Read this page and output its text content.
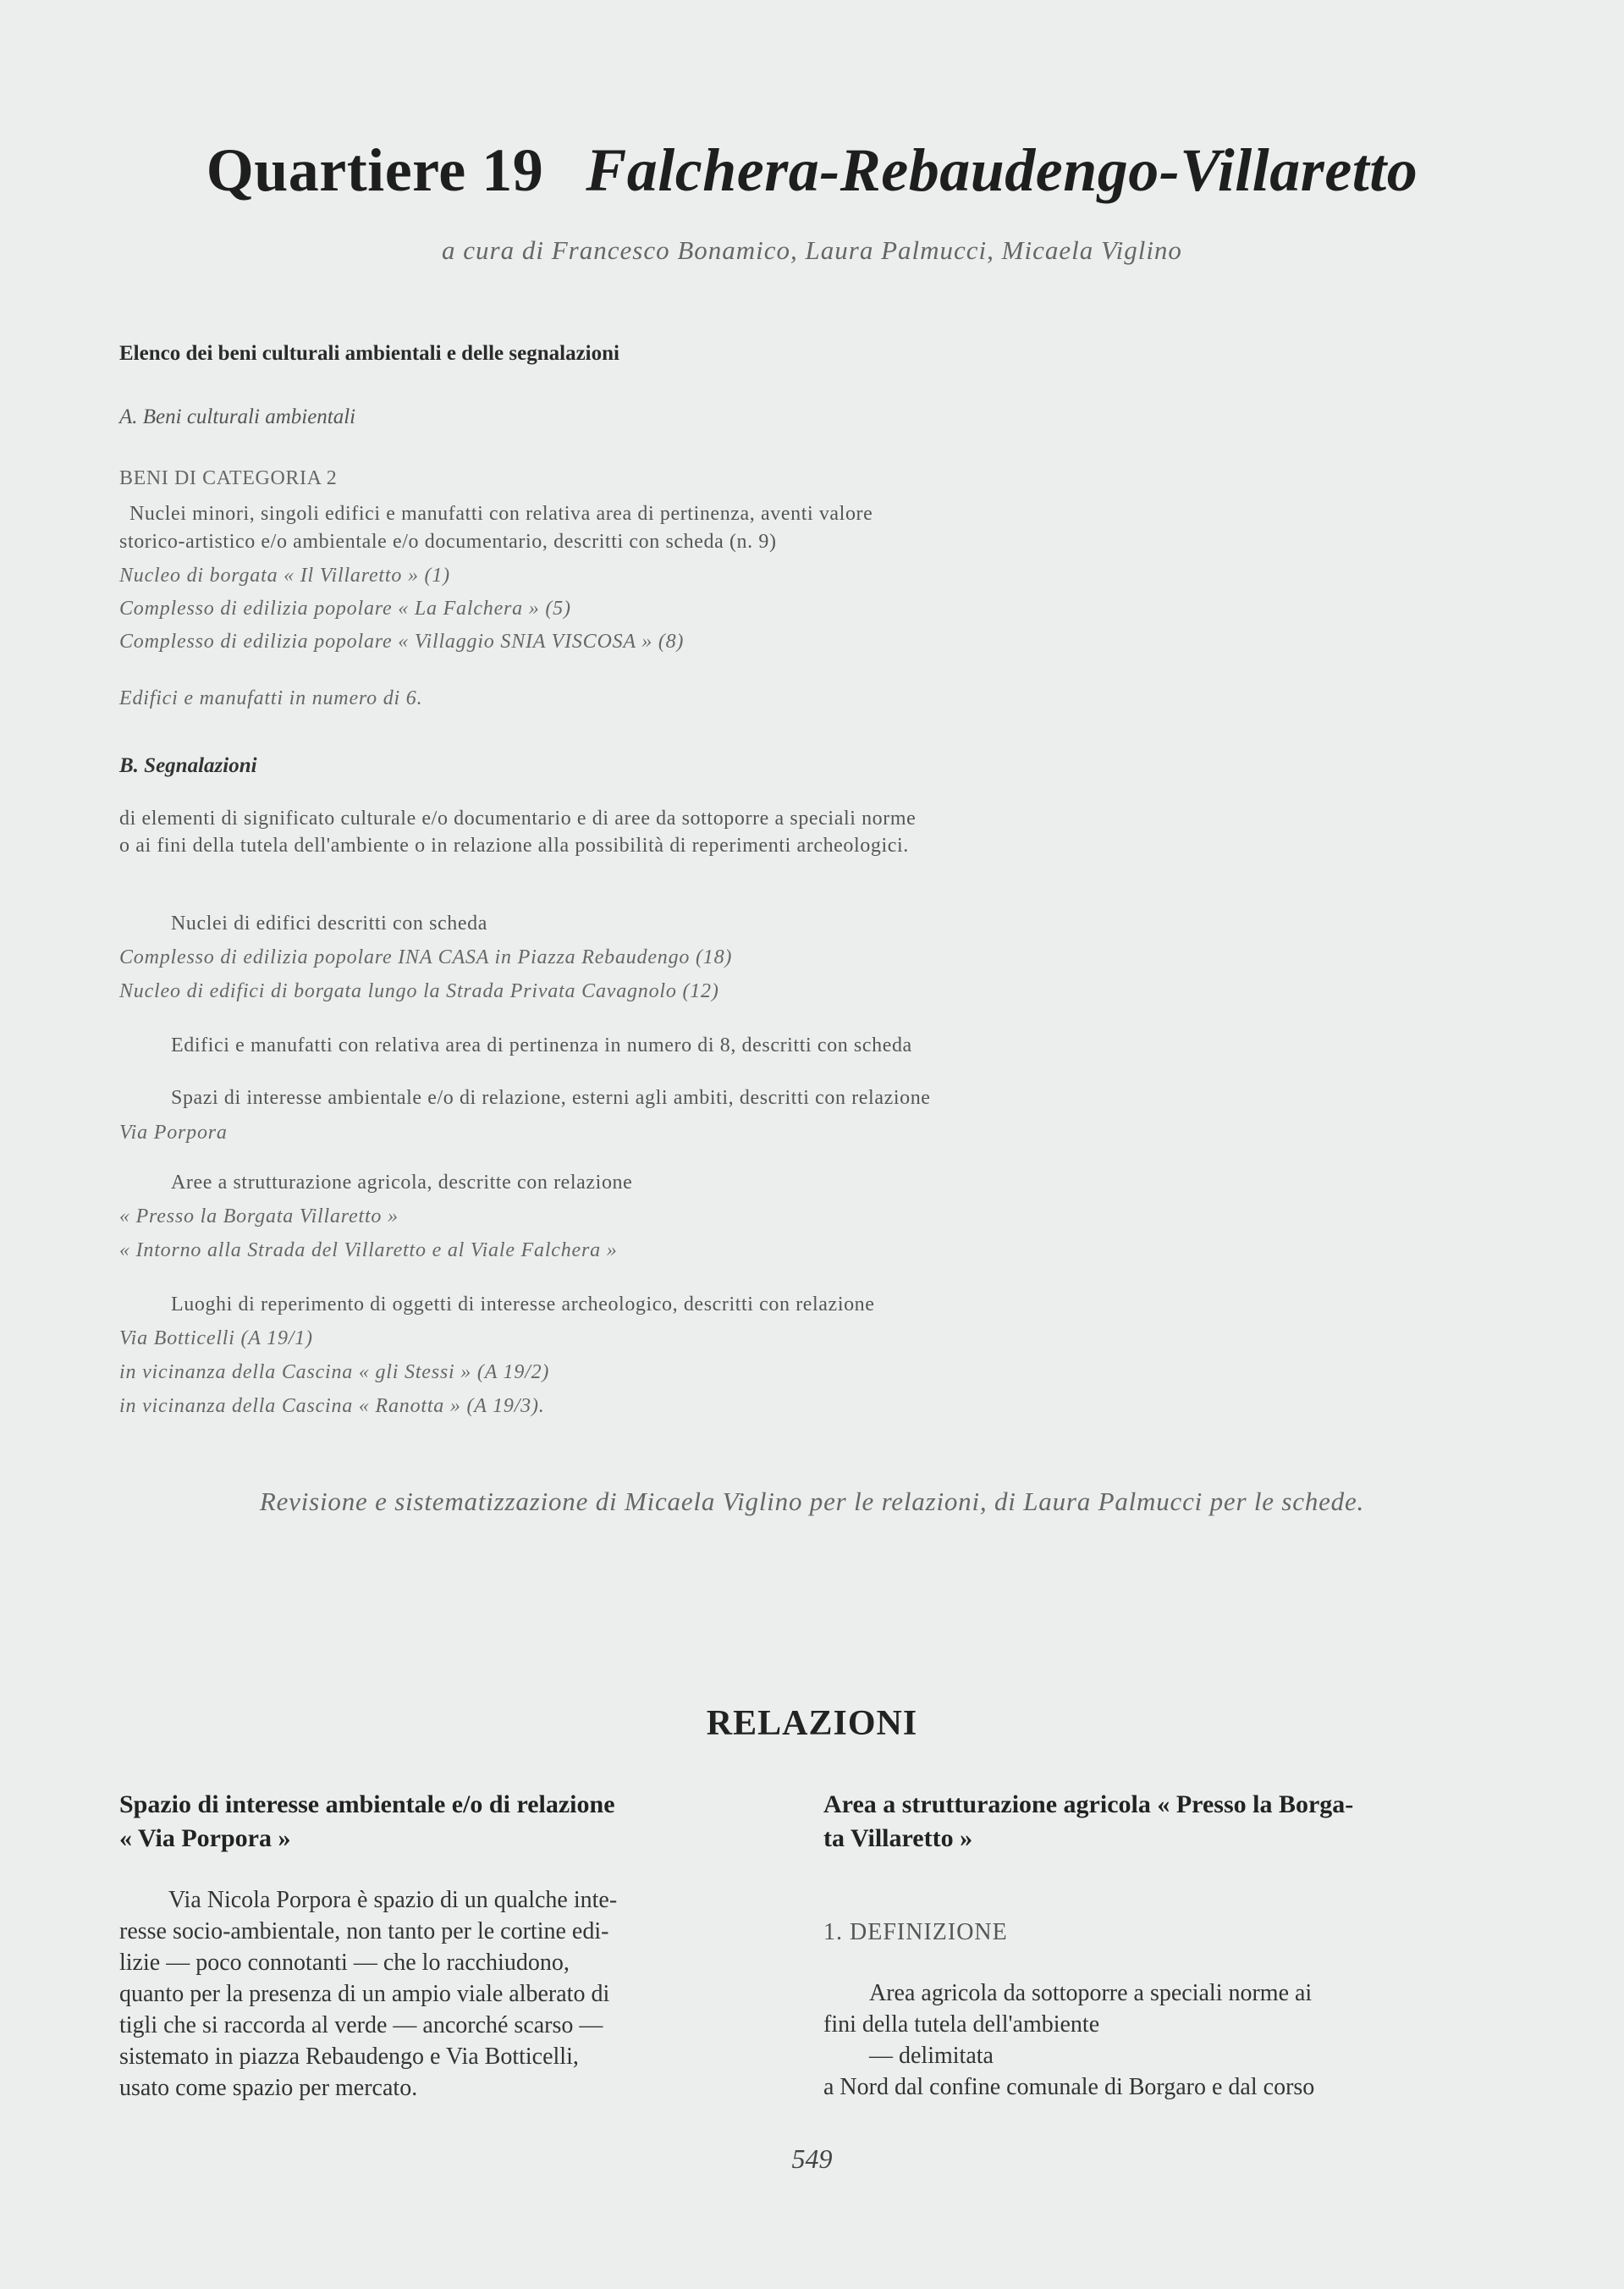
Quartiere 19 Falchera-Rebaudengo-Villaretto
a cura di Francesco Bonamico, Laura Palmucci, Micaela Viglino
Elenco dei beni culturali ambientali e delle segnalazioni
A. Beni culturali ambientali
BENI DI CATEGORIA 2
Nuclei minori, singoli edifici e manufatti con relativa area di pertinenza, aventi valore
storico-artistico e/o ambientale e/o documentario, descritti con scheda (n. 9)
Nucleo di borgata « Il Villaretto » (1)
Complesso di edilizia popolare « La Falchera » (5)
Complesso di edilizia popolare « Villaggio SNIA VISCOSA » (8)
Edifici e manufatti in numero di 6.
B. Segnalazioni
di elementi di significato culturale e/o documentario e di aree da sottoporre a speciali norme
o ai fini della tutela dell'ambiente o in relazione alla possibilità di reperimenti archeologici.
Nuclei di edifici descritti con scheda
Complesso di edilizia popolare INA CASA in Piazza Rebaudengo (18)
Nucleo di edifici di borgata lungo la Strada Privata Cavagnolo (12)
Edifici e manufatti con relativa area di pertinenza in numero di 8, descritti con scheda
Spazi di interesse ambientale e/o di relazione, esterni agli ambiti, descritti con relazione
Via Porpora
Aree a strutturazione agricola, descritte con relazione
« Presso la Borgata Villaretto »
« Intorno alla Strada del Villaretto e al Viale Falchera »
Luoghi di reperimento di oggetti di interesse archeologico, descritti con relazione
Via Botticelli (A 19/1)
in vicinanza della Cascina « gli Stessi » (A 19/2)
in vicinanza della Cascina « Ranotta » (A 19/3).
Revisione e sistematizzazione di Micaela Viglino per le relazioni, di Laura Palmucci per le schede.
RELAZIONI
Spazio di interesse ambientale e/o di relazione
« Via Porpora »
Via Nicola Porpora è spazio di un qualche inte-
resse socio-ambientale, non tanto per le cortine edi-
lizie — poco connotanti — che lo racchiudono,
quanto per la presenza di un ampio viale alberato di
tigli che si raccorda al verde — ancorché scarso —
sistemato in piazza Rebaudengo e Via Botticelli,
usato come spazio per mercato.
Area a strutturazione agricola « Presso la Borga-
ta Villaretto »
1. DEFINIZIONE
Area agricola da sottoporre a speciali norme ai
fini della tutela dell'ambiente
— delimitata
a Nord dal confine comunale di Borgaro e dal corso
549
